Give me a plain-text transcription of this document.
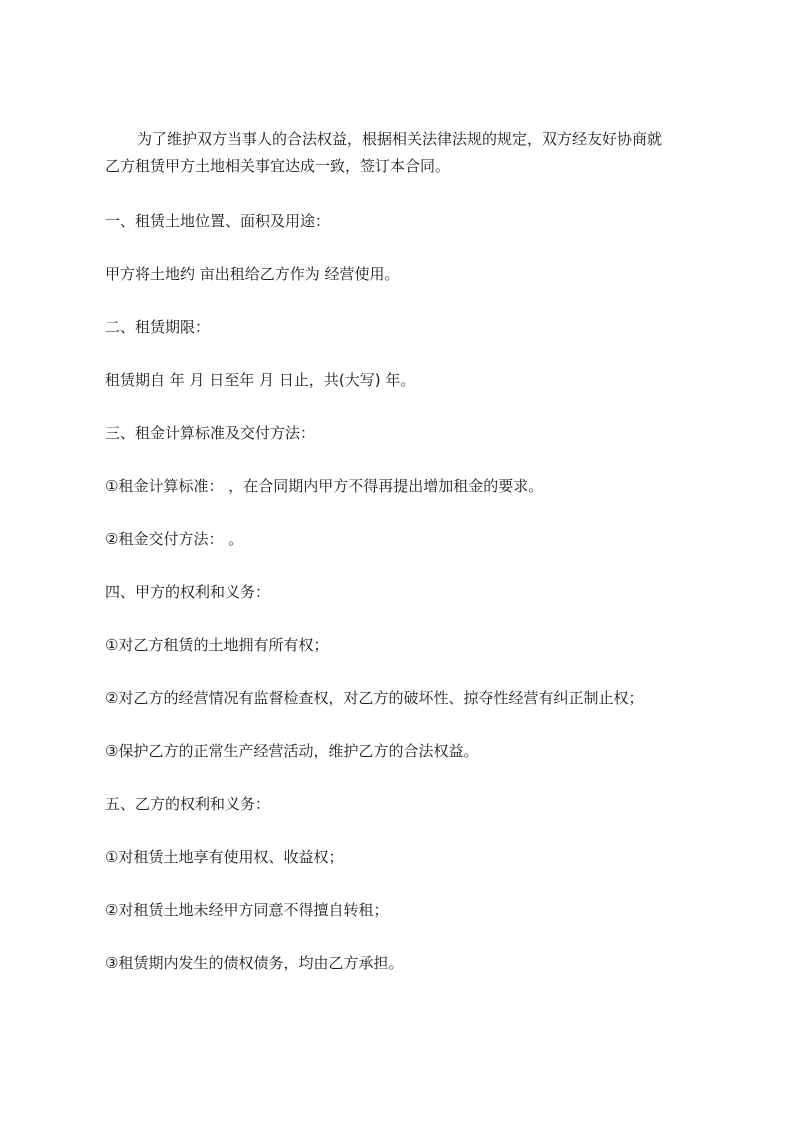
为了维护双方当事人的合法权益，根据相关法律法规的规定，双方经友好协商就
乙方租赁甲方土地相关事宜达成一致，签订本合同。

一、租赁土地位置、面积及用途：

甲方将土地约 亩出租给乙方作为 经营使用。

二、租赁期限：

租赁期自 年 月 日至年 月 日止，共(大写) 年。

三、租金计算标准及交付方法：

①租金计算标准： ，在合同期内甲方不得再提出增加租金的要求。

②租金交付方法： 。

四、甲方的权利和义务：

①对乙方租赁的土地拥有所有权；

②对乙方的经营情况有监督检查权，对乙方的破坏性、掠夺性经营有纠正制止权；

③保护乙方的正常生产经营活动，维护乙方的合法权益。

五、乙方的权利和义务：

①对租赁土地享有使用权、收益权；

②对租赁土地未经甲方同意不得擅自转租；

③租赁期内发生的债权债务，均由乙方承担。
